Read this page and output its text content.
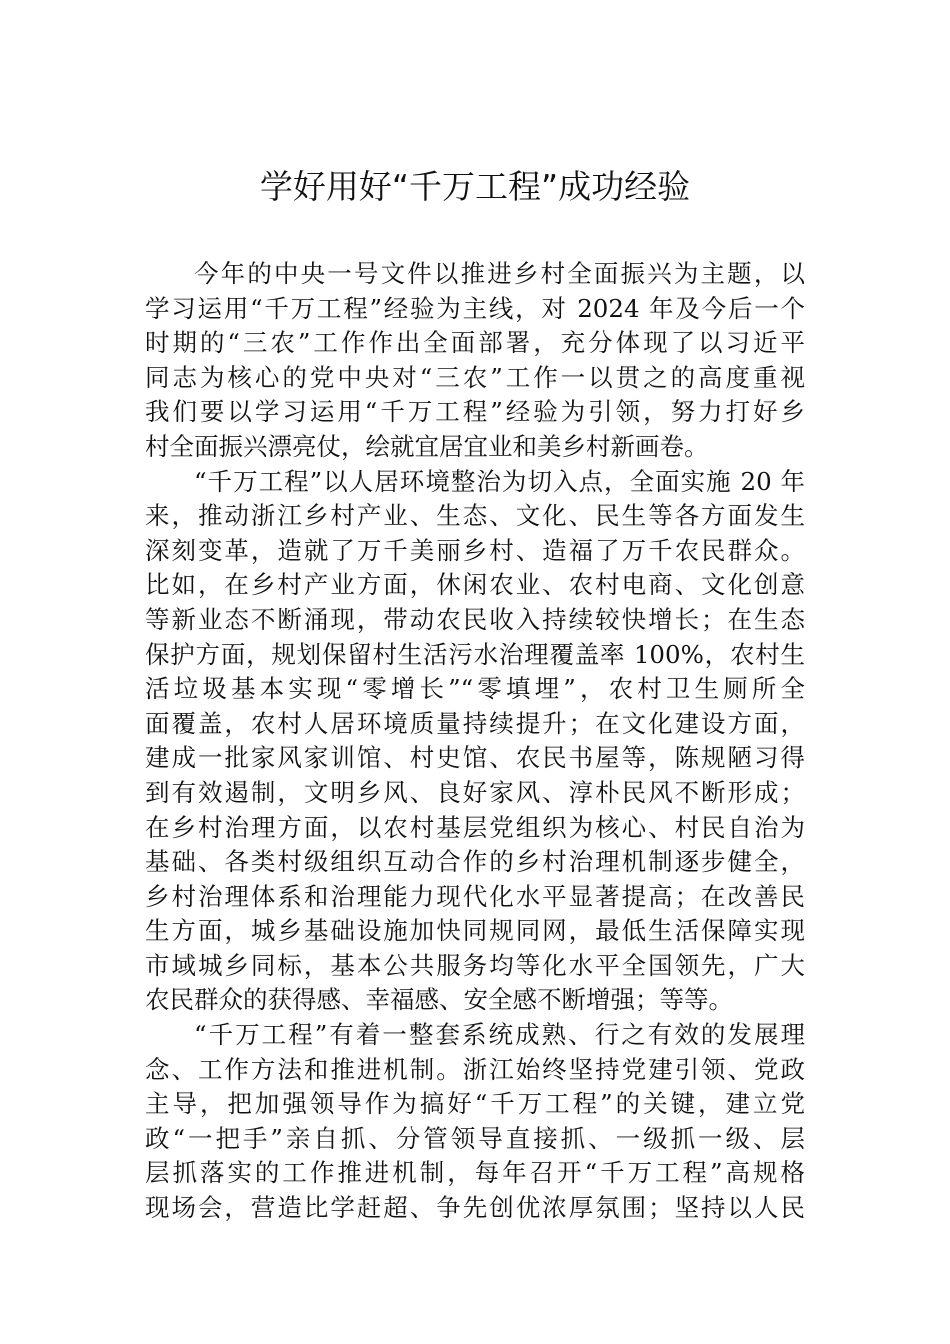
学好用好“千万工程”成功经验
今年的中央一号文件以推进乡村全面振兴为主题，以
学习运用“千万工程”经验为主线，对 2024 年及今后一个
时期的“三农”工作作出全面部署，充分体现了以习近平
同志为核心的党中央对“三农”工作一以贯之的高度重视
我们要以学习运用“千万工程”经验为引领，努力打好乡
村全面振兴漂亮仗，绘就宜居宜业和美乡村新画卷。
“千万工程”以人居环境整治为切入点，全面实施 20 年
来，推动浙江乡村产业、生态、文化、民生等各方面发生
深刻变革，造就了万千美丽乡村、造福了万千农民群众。
比如，在乡村产业方面，休闲农业、农村电商、文化创意
等新业态不断涌现，带动农民收入持续较快增长；在生态
保护方面，规划保留村生活污水治理覆盖率 100%，农村生
活垃圾基本实现“零增长”“零填埋”，农村卫生厕所全
面覆盖，农村人居环境质量持续提升；在文化建设方面，
建成一批家风家训馆、村史馆、农民书屋等，陈规陋习得
到有效遏制，文明乡风、良好家风、淳朴民风不断形成；
在乡村治理方面，以农村基层党组织为核心、村民自治为
基础、各类村级组织互动合作的乡村治理机制逐步健全，
乡村治理体系和治理能力现代化水平显著提高；在改善民
生方面，城乡基础设施加快同规同网，最低生活保障实现
市域城乡同标，基本公共服务均等化水平全国领先，广大
农民群众的获得感、幸福感、安全感不断增强；等等。
“千万工程”有着一整套系统成熟、行之有效的发展理
念、工作方法和推进机制。浙江始终坚持党建引领、党政
主导，把加强领导作为搞好“千万工程”的关键，建立党
政“一把手”亲自抓、分管领导直接抓、一级抓一级、层
层抓落实的工作推进机制，每年召开“千万工程”高规格
现场会，营造比学赶超、争先创优浓厚氛围；坚持以人民
